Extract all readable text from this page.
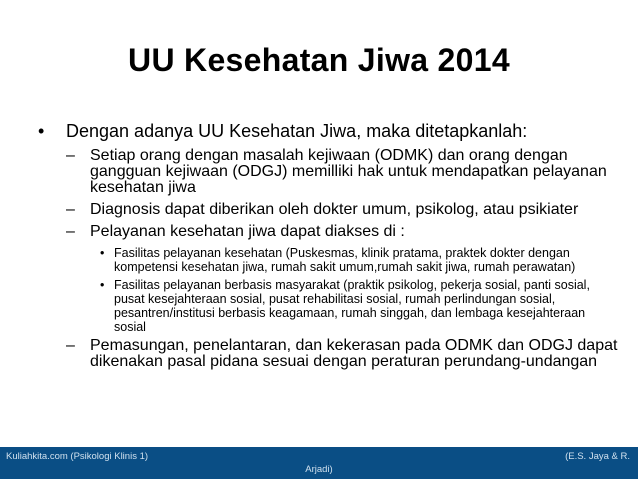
UU Kesehatan Jiwa 2014
• Dengan adanya UU Kesehatan Jiwa, maka ditetapkanlah:
– Setiap orang dengan masalah kejiwaan (ODMK) dan orang dengan gangguan kejiwaan (ODGJ) memilliki hak untuk mendapatkan pelayanan kesehatan jiwa
– Diagnosis dapat diberikan oleh dokter umum, psikolog, atau psikiater
– Pelayanan kesehatan jiwa dapat diakses di :
• Fasilitas pelayanan kesehatan (Puskesmas, klinik pratama, praktek dokter dengan kompetensi kesehatan jiwa, rumah sakit umum,rumah sakit jiwa, rumah perawatan)
• Fasilitas pelayanan berbasis masyarakat (praktik psikolog, pekerja sosial, panti sosial, pusat kesejahteraan sosial, pusat rehabilitasi sosial, rumah perlindungan sosial, pesantren/institusi berbasis keagamaan, rumah singgah, dan lembaga kesejahteraan sosial
– Pemasungan, penelantaran, dan kekerasan pada ODMK dan ODGJ dapat dikenakan pasal pidana sesuai dengan peraturan perundang-undangan
Kuliahkita.com (Psikologi Klinis 1)	(E.S. Jaya & R.
Arjadi)
